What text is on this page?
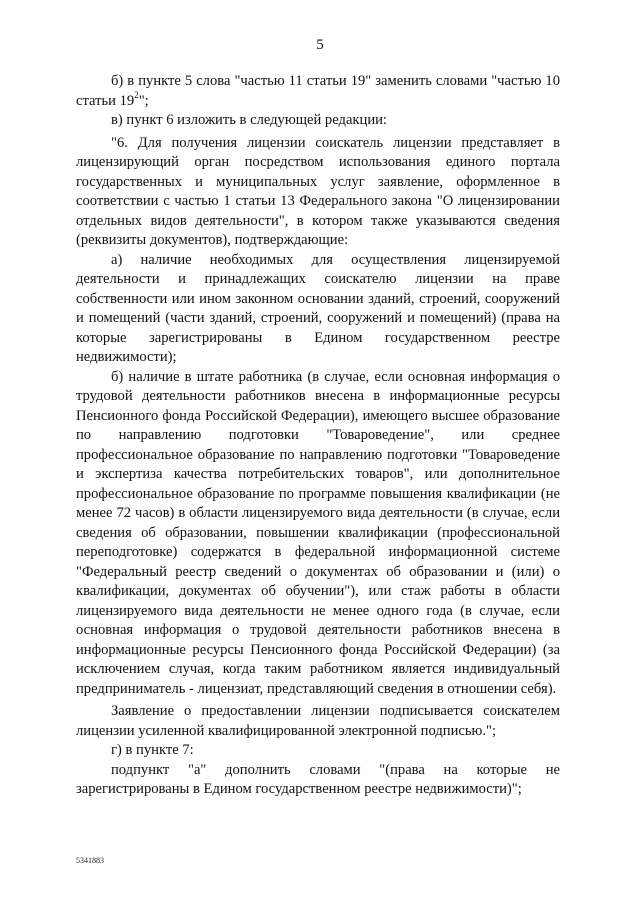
5

б) в пункте 5 слова "частью 11 статьи 19" заменить словами "частью 10 статьи $19^2$";

в) пункт 6 изложить в следующей редакции:

"6. Для получения лицензии соискатель лицензии представляет в лицензирующий орган посредством использования единого портала государственных и муниципальных услуг заявление, оформленное в соответствии с частью 1 статьи 13 Федерального закона "О лицензировании отдельных видов деятельности", в котором также указываются сведения (реквизиты документов), подтверждающие:

а) наличие необходимых для осуществления лицензируемой деятельности и принадлежащих соискателю лицензии на праве собственности или ином законном основании зданий, строений, сооружений и помещений (части зданий, строений, сооружений и помещений) (права на которые зарегистрированы в Едином государственном реестре недвижимости);

б) наличие в штате работника (в случае, если основная информация о трудовой деятельности работников внесена в информационные ресурсы Пенсионного фонда Российской Федерации), имеющего высшее образование по направлению подготовки "Товароведение", или среднее профессиональное образование по направлению подготовки "Товароведение и экспертиза качества потребительских товаров", или дополнительное профессиональное образование по программе повышения квалификации (не менее 72 часов) в области лицензируемого вида деятельности (в случае, если сведения об образовании, повышении квалификации (профессиональной переподготовке) содержатся в федеральной информационной системе "Федеральный реестр сведений о документах об образовании и (или) о квалификации, документах об обучении"), или стаж работы в области лицензируемого вида деятельности не менее одного года (в случае, если основная информация о трудовой деятельности работников внесена в информационные ресурсы Пенсионного фонда Российской Федерации) (за исключением случая, когда таким работником является индивидуальный предприниматель - лицензиат, представляющий сведения в отношении себя).

Заявление о предоставлении лицензии подписывается соискателем лицензии усиленной квалифицированной электронной подписью.";

г) в пункте 7:

подпункт "а" дополнить словами "(права на которые не зарегистрированы в Едином государственном реестре недвижимости)";

5341883
